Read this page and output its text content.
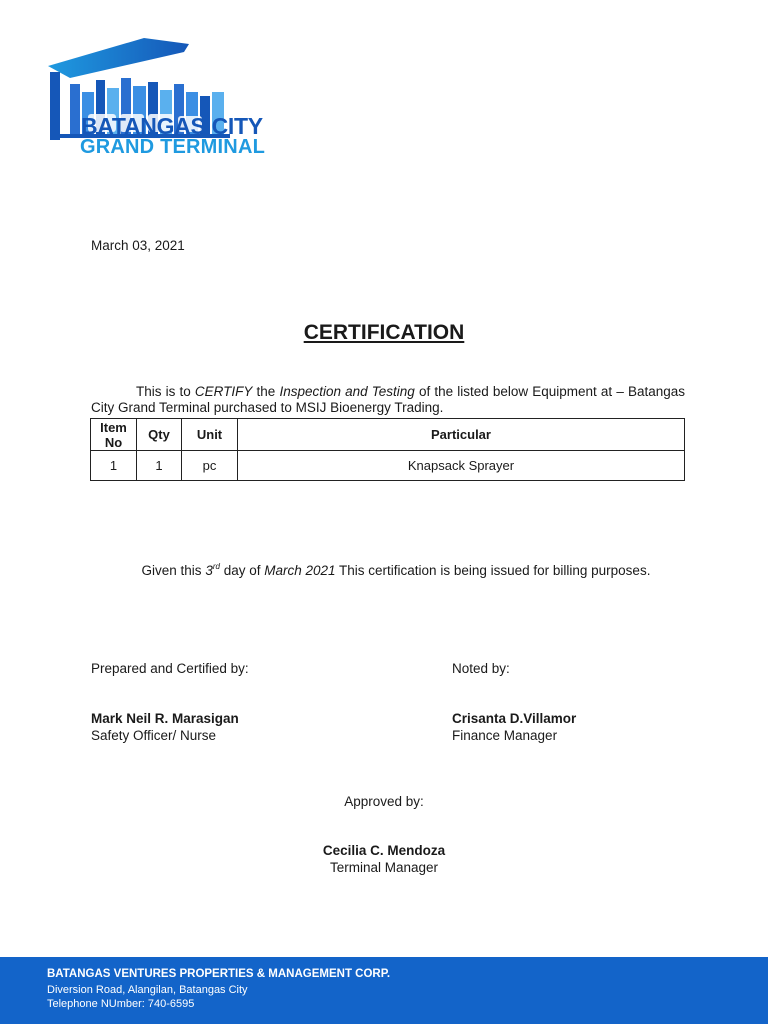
BATANGAS CITY
GRAND TERMINAL
March 03, 2021
CERTIFICATION
This is to CERTIFY the Inspection and Testing of the listed below Equipment at – Batangas City Grand Terminal purchased to MSIJ Bioenergy Trading.
Item
No	Qty	Unit	Particular
1	1	pc	Knapsack Sprayer
Given this 3rd day of March 2021 This certification is being issued for billing purposes.
Prepared and Certified by:	Noted by:
Mark Neil R. Marasigan
Safety Officer/ Nurse
Crisanta D.Villamor
Finance Manager
Approved by:
Cecilia C. Mendoza
Terminal Manager
BATANGAS VENTURES PROPERTIES & MANAGEMENT CORP.
Diversion Road, Alangilan, Batangas City
Telephone NUmber: 740-6595
